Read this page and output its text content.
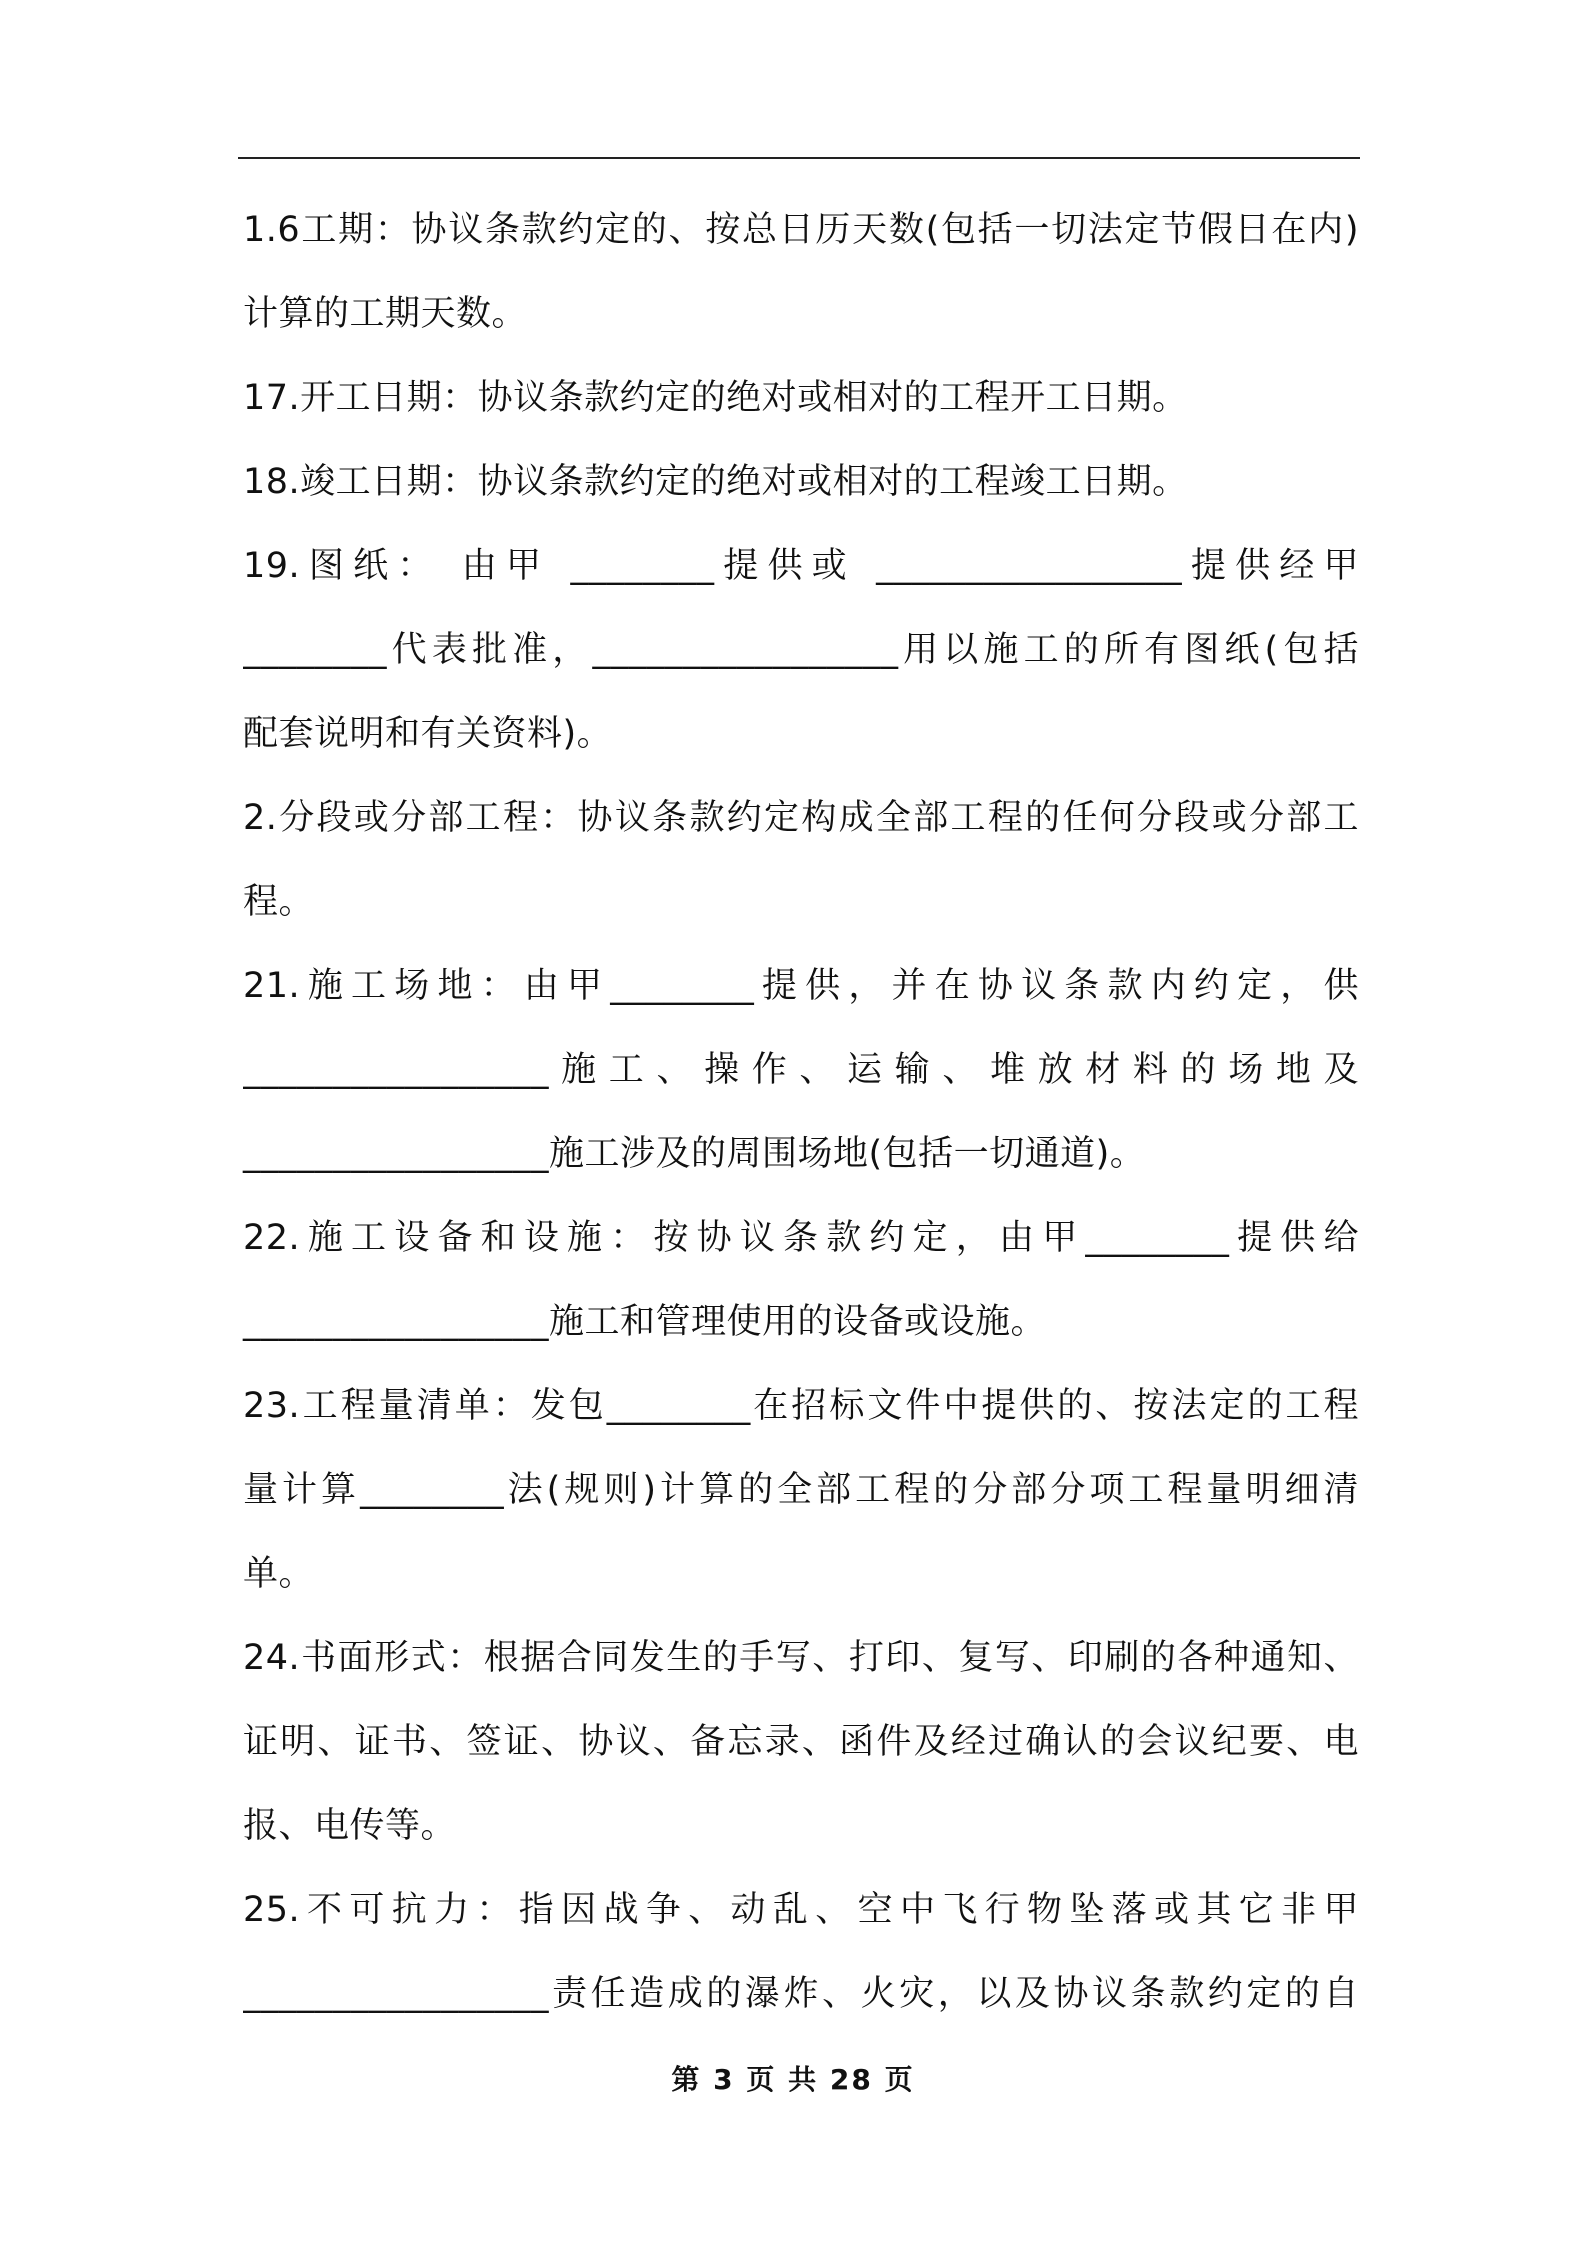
1.6工期：协议条款约定的、按总日历天数(包括一切法定节假日在内)
计算的工期天数。
17.开工日期：协议条款约定的绝对或相对的工程开工日期。
18.竣工日期：协议条款约定的绝对或相对的工程竣工日期。
19.图纸： 由甲 ________提供或 _________________提供经甲
________代表批准，_________________用以施工的所有图纸(包括
配套说明和有关资料)。
2.分段或分部工程：协议条款约定构成全部工程的任何分段或分部工
程。
21.施工场地：由甲________提供，并在协议条款内约定，供
_________________施工、操作、运输、堆放材料的场地及
_________________施工涉及的周围场地(包括一切通道)。
22.施工设备和设施：按协议条款约定，由甲________提供给
_________________施工和管理使用的设备或设施。
23.工程量清单：发包________在招标文件中提供的、按法定的工程
量计算________法(规则)计算的全部工程的分部分项工程量明细清
单。
24.书面形式：根据合同发生的手写、打印、复写、印刷的各种通知、
证明、证书、签证、协议、备忘录、函件及经过确认的会议纪要、电
报、电传等。
25.不可抗力：指因战争、动乱、空中飞行物坠落或其它非甲
_________________责任造成的瀑炸、火灾，以及协议条款约定的自
第 3 页 共 28 页
